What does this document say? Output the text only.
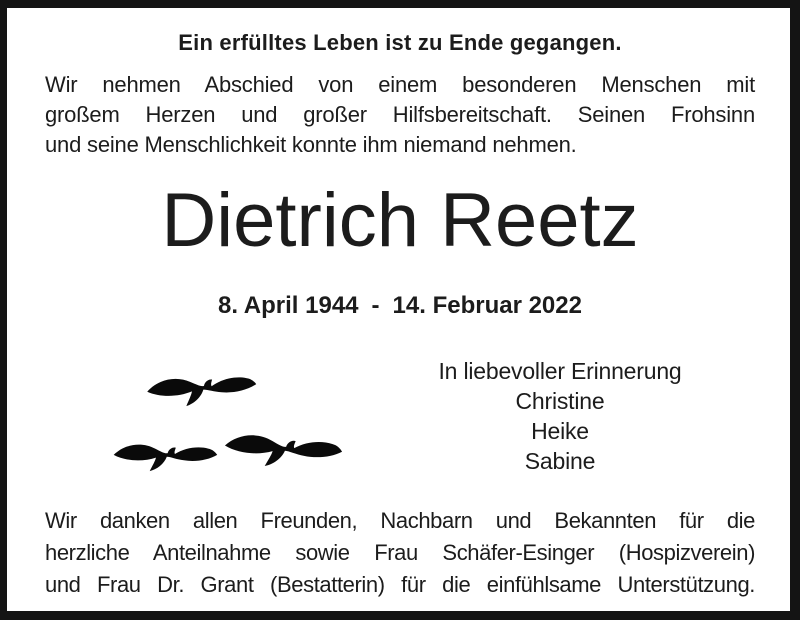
Ein erfülltes Leben ist zu Ende gegangen.
Wir nehmen Abschied von einem besonderen Menschen mit
großem Herzen und großer Hilfsbereitschaft. Seinen Frohsinn
und seine Menschlichkeit konnte ihm niemand nehmen.
Dietrich Reetz
8. April 1944 - 14. Februar 2022
In liebevoller Erinnerung
Christine
Heike
Sabine
Wir danken allen Freunden, Nachbarn und Bekannten für die
herzliche Anteilnahme sowie Frau Schäfer-Esinger (Hospizverein)
und Frau Dr. Grant (Bestatterin) für die einfühlsame Unterstützung.
